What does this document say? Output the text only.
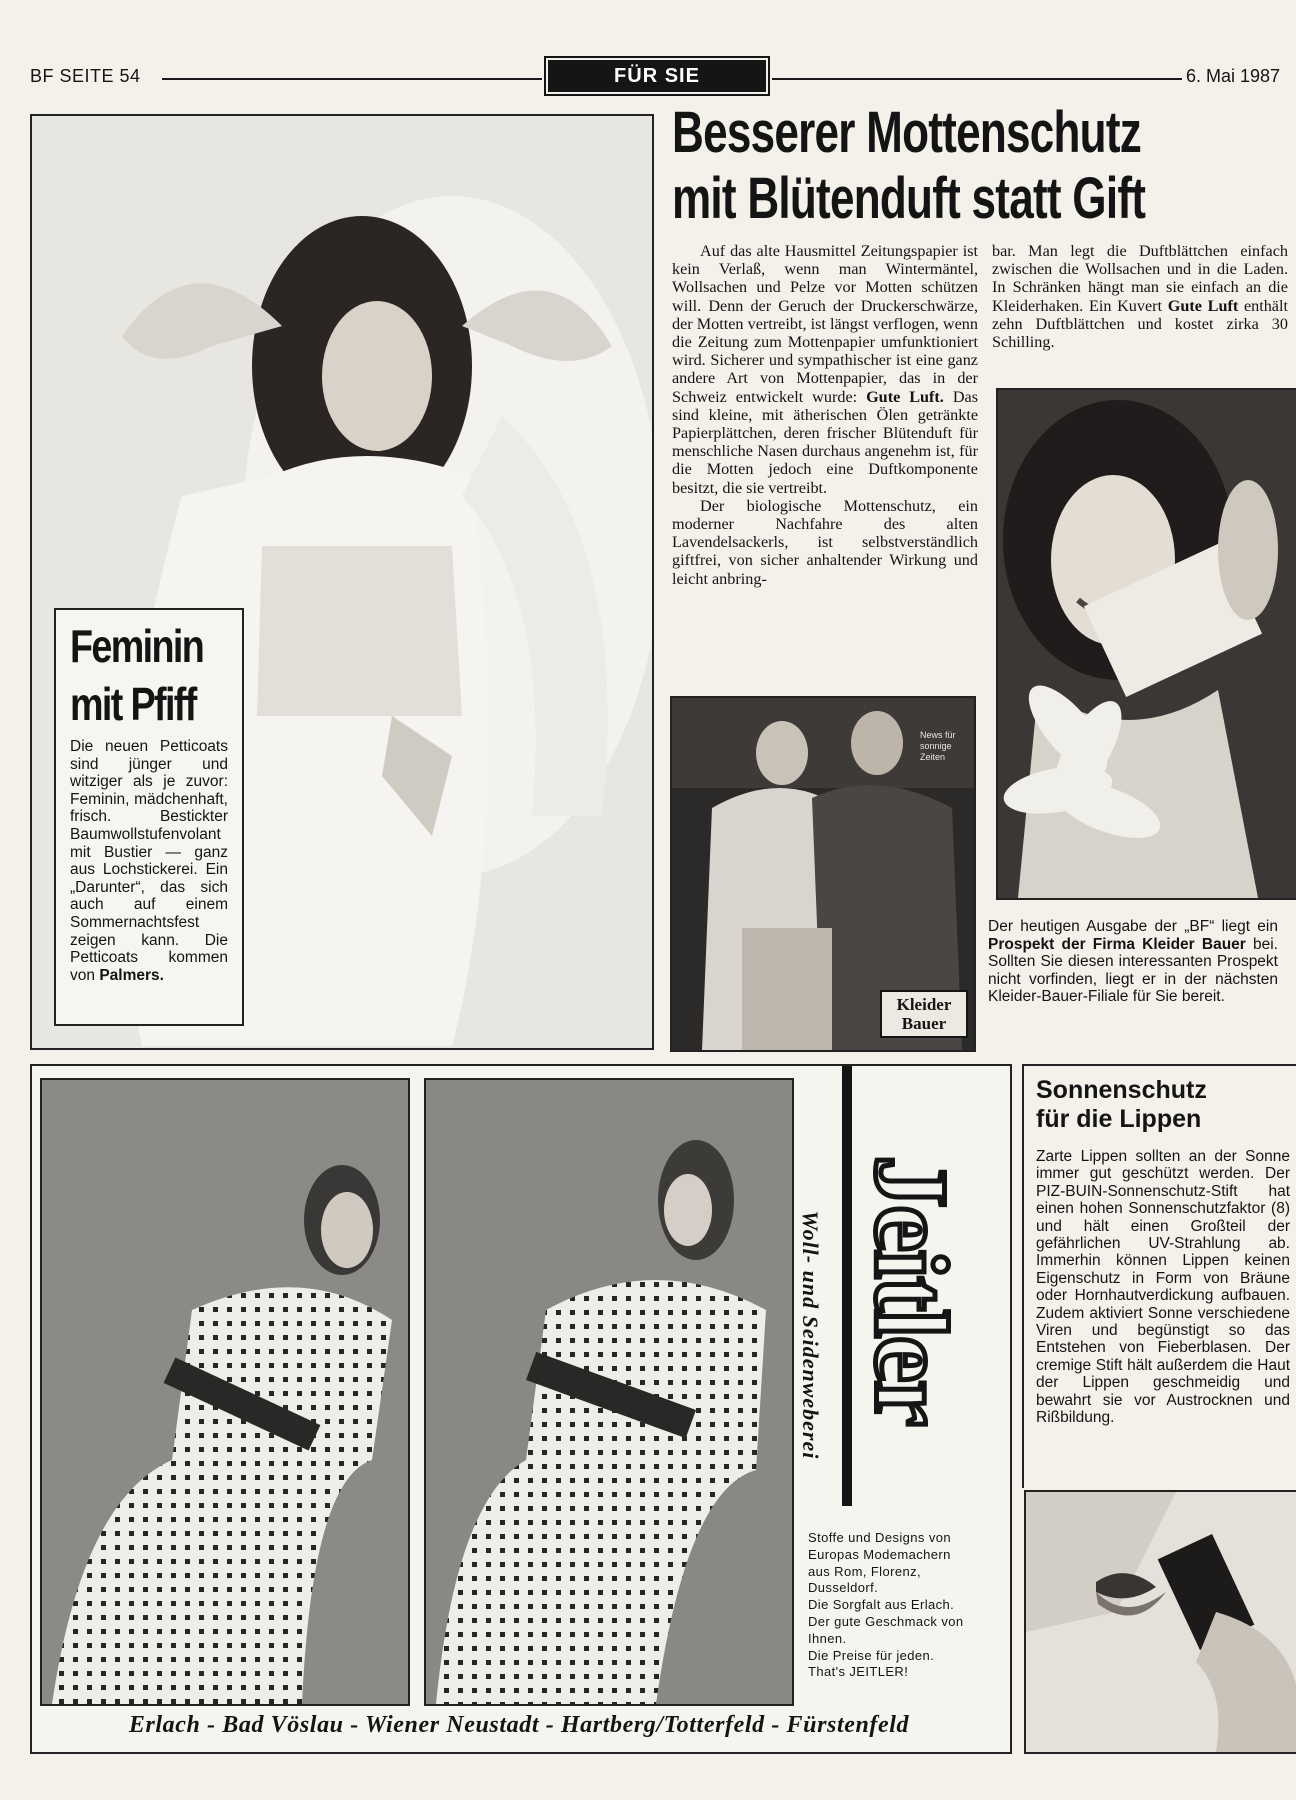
BF SEITE 54	FÜR SIE	6. Mai 1987
Feminin
mit Pfiff
Die neuen Petticoats sind jünger und witziger als je zuvor: Feminin, mädchenhaft, frisch. Bestickter Baumwollstufenvolant mit Bustier — ganz aus Lochstickerei. Ein „Darunter“, das sich auch auf einem Sommernachtsfest zeigen kann. Die Petticoats kommen von Palmers.
Besserer Mottenschutz
mit Blütenduft statt Gift

Auf das alte Hausmittel Zeitungspapier ist kein Verlaß, wenn man Wintermäntel, Wollsachen und Pelze vor Motten schützen will. Denn der Geruch der Druckerschwärze, der Motten vertreibt, ist längst verflogen, wenn die Zeitung zum Mottenpapier umfunktioniert wird. Sicherer und sympathischer ist eine ganz andere Art von Mottenpapier, das in der Schweiz entwickelt wurde: Gute Luft. Das sind kleine, mit ätherischen Ölen getränkte Papierplättchen, deren frischer Blütenduft für menschliche Nasen durchaus angenehm ist, für die Motten jedoch eine Duftkomponente besitzt, die sie vertreibt.

Der biologische Mottenschutz, ein moderner Nachfahre des alten Lavendelsackerls, ist selbstverständlich giftfrei, von sicher anhaltender Wirkung und leicht anbring-

bar. Man legt die Duftblättchen einfach zwischen die Wollsachen und in die Laden. In Schränken hängt man sie einfach an die Kleiderhaken. Ein Kuvert Gute Luft enthält zehn Duftblättchen und kostet zirka 30 Schilling.

News für sonnige Zeiten
Kleider Bauer
Der heutigen Ausgabe der „BF“ liegt ein Prospekt der Firma Kleider Bauer bei. Sollten Sie diesen interessanten Prospekt nicht vorfinden, liegt er in der nächsten Kleider-Bauer-Filiale für Sie bereit.
Jeitler
Woll- und Seidenweberei
Stoffe und Designs von
Europas Modemachern
aus Rom, Florenz,
Dusseldorf.
Die Sorgfalt aus Erlach.
Der gute Geschmack von
Ihnen.
Die Preise für jeden.
That's JEITLER!
Erlach - Bad Vöslau - Wiener Neustadt - Hartberg/Totterfeld - Fürstenfeld
Sonnenschutz
für die Lippen
Zarte Lippen sollten an der Sonne immer gut geschützt werden. Der PIZ-BUIN-Sonnenschutz-Stift hat einen hohen Sonnenschutzfaktor (8) und hält einen Großteil der gefährlichen UV-Strahlung ab. Immerhin können Lippen keinen Eigenschutz in Form von Bräune oder Hornhautverdickung aufbauen. Zudem aktiviert Sonne verschiedene Viren und begünstigt so das Entstehen von Fieberblasen. Der cremige Stift hält außerdem die Haut der Lippen geschmeidig und bewahrt sie vor Austrocknen und Rißbildung.
